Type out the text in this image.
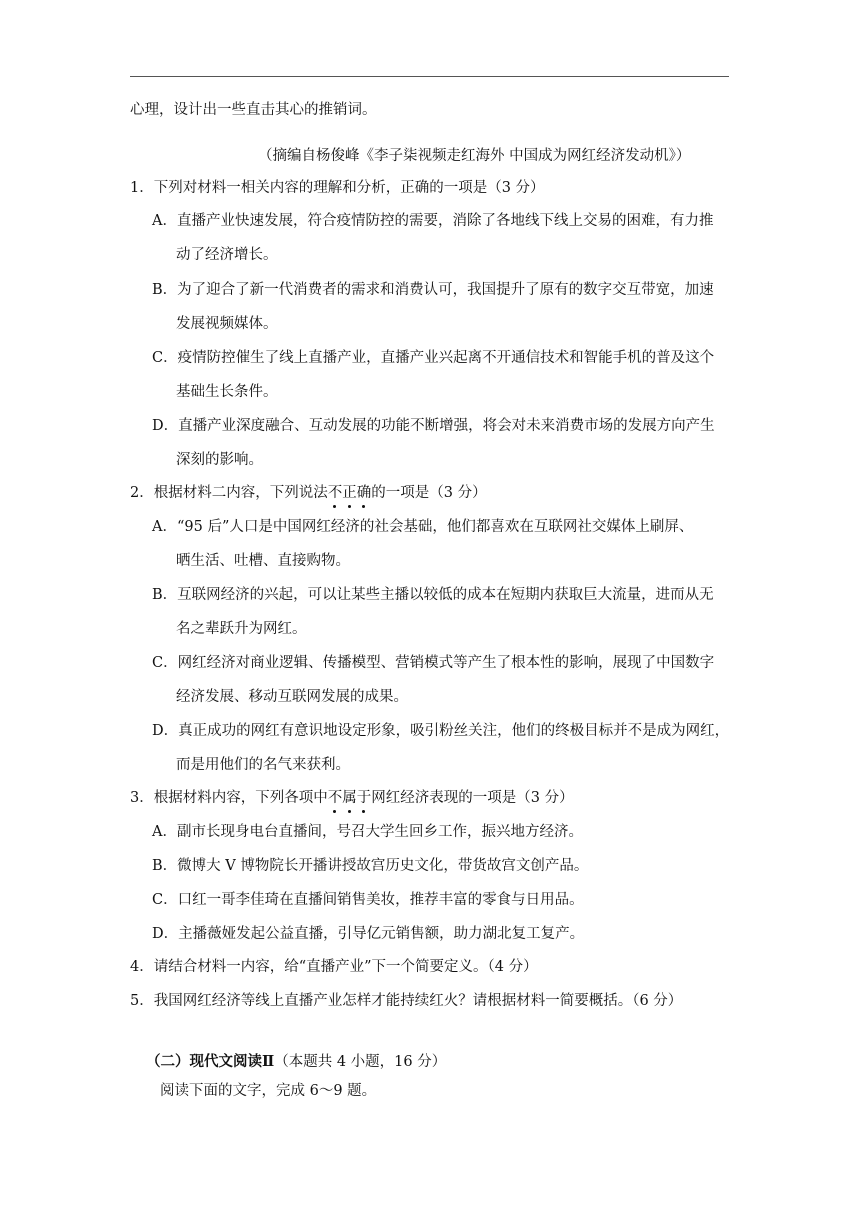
心理，设计出一些直击其心的推销词。
（摘编自杨俊峰《李子柒视频走红海外 中国成为网红经济发动机》）
1．下列对材料一相关内容的理解和分析，正确的一项是（3 分）
A．直播产业快速发展，符合疫情防控的需要，消除了各地线下线上交易的困难，有力推
动了经济增长。
B．为了迎合了新一代消费者的需求和消费认可，我国提升了原有的数字交互带宽，加速
发展视频媒体。
C．疫情防控催生了线上直播产业，直播产业兴起离不开通信技术和智能手机的普及这个
基础生长条件。
D．直播产业深度融合、互动发展的功能不断增强，将会对未来消费市场的发展方向产生
深刻的影响。
2．根据材料二内容，下列说法不正确的一项是（3 分）
A．“95 后”人口是中国网红经济的社会基础，他们都喜欢在互联网社交媒体上刷屏、
晒生活、吐槽、直接购物。
B．互联网经济的兴起，可以让某些主播以较低的成本在短期内获取巨大流量，进而从无
名之辈跃升为网红。
C．网红经济对商业逻辑、传播模型、营销模式等产生了根本性的影响，展现了中国数字
经济发展、移动互联网发展的成果。
D．真正成功的网红有意识地设定形象，吸引粉丝关注，他们的终极目标并不是成为网红，
而是用他们的名气来获利。
3．根据材料内容，下列各项中不属于网红经济表现的一项是（3 分）
A．副市长现身电台直播间，号召大学生回乡工作，振兴地方经济。
B．微博大 V 博物院长开播讲授故宫历史文化，带货故宫文创产品。
C．口红一哥李佳琦在直播间销售美妆，推荐丰富的零食与日用品。
D．主播薇娅发起公益直播，引导亿元销售额，助力湖北复工复产。
4．请结合材料一内容，给“直播产业”下一个简要定义。（4 分）
5．我国网红经济等线上直播产业怎样才能持续红火？请根据材料一简要概括。（6 分）
（二）现代文阅读Ⅱ（本题共 4 小题，16 分）
阅读下面的文字，完成 6～9 题。
